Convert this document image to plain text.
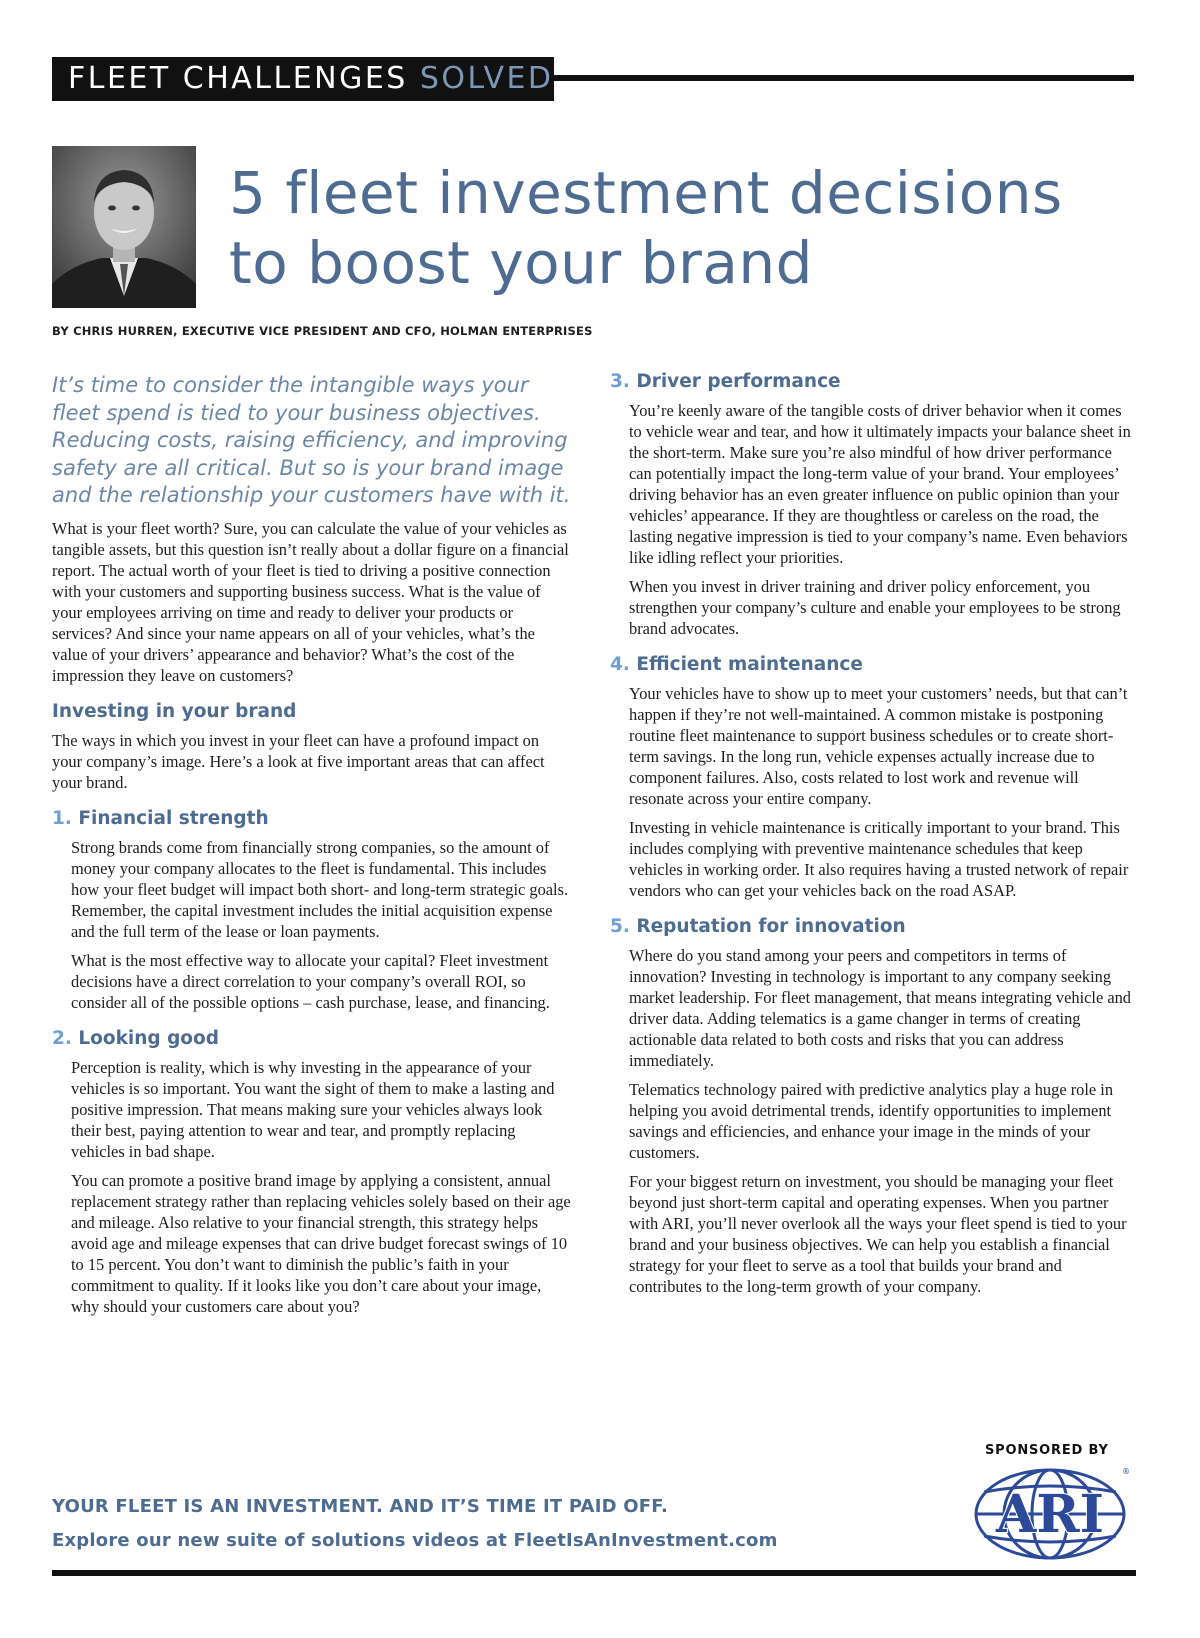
FLEET CHALLENGES SOLVED
5 fleet investment decisions
to boost your brand
BY CHRIS HURREN, EXECUTIVE VICE PRESIDENT AND CFO, HOLMAN ENTERPRISES

It’s time to consider the intangible ways your fleet spend is tied to your business objectives. Reducing costs, raising efficiency, and improving safety are all critical. But so is your brand image and the relationship your customers have with it.

What is your fleet worth? Sure, you can calculate the value of your vehicles as tangible assets, but this question isn’t really about a dollar figure on a financial report. The actual worth of your fleet is tied to driving a positive connection with your customers and supporting business success. What is the value of your employees arriving on time and ready to deliver your products or services? And since your name appears on all of your vehicles, what’s the value of your drivers’ appearance and behavior? What’s the cost of the impression they leave on customers?

Investing in your brand

The ways in which you invest in your fleet can have a profound impact on your company’s image. Here’s a look at five important areas that can affect your brand.

1. Financial strength

Strong brands come from financially strong companies, so the amount of money your company allocates to the fleet is fundamental. This includes how your fleet budget will impact both short- and long-term strategic goals. Remember, the capital investment includes the initial acquisition expense and the full term of the lease or loan payments.

What is the most effective way to allocate your capital? Fleet investment decisions have a direct correlation to your company’s overall ROI, so consider all of the possible options – cash purchase, lease, and financing.

2. Looking good

Perception is reality, which is why investing in the appearance of your vehicles is so important. You want the sight of them to make a lasting and positive impression. That means making sure your vehicles always look their best, paying attention to wear and tear, and promptly replacing vehicles in bad shape.

You can promote a positive brand image by applying a consistent, annual replacement strategy rather than replacing vehicles solely based on their age and mileage. Also relative to your financial strength, this strategy helps avoid age and mileage expenses that can drive budget forecast swings of 10 to 15 percent. You don’t want to diminish the public’s faith in your commitment to quality. If it looks like you don’t care about your image, why should your customers care about you?

3. Driver performance

You’re keenly aware of the tangible costs of driver behavior when it comes to vehicle wear and tear, and how it ultimately impacts your balance sheet in the short-term. Make sure you’re also mindful of how driver performance can potentially impact the long-term value of your brand. Your employees’ driving behavior has an even greater influence on public opinion than your vehicles’ appearance. If they are thoughtless or careless on the road, the lasting negative impression is tied to your company’s name. Even behaviors like idling reflect your priorities.

When you invest in driver training and driver policy enforcement, you strengthen your company’s culture and enable your employees to be strong brand advocates.

4. Efficient maintenance

Your vehicles have to show up to meet your customers’ needs, but that can’t happen if they’re not well-maintained. A common mistake is postponing routine fleet maintenance to support business schedules or to create short-term savings. In the long run, vehicle expenses actually increase due to component failures. Also, costs related to lost work and revenue will resonate across your entire company.

Investing in vehicle maintenance is critically important to your brand. This includes complying with preventive maintenance schedules that keep vehicles in working order. It also requires having a trusted network of repair vendors who can get your vehicles back on the road ASAP.

5. Reputation for innovation

Where do you stand among your peers and competitors in terms of innovation? Investing in technology is important to any company seeking market leadership. For fleet management, that means integrating vehicle and driver data. Adding telematics is a game changer in terms of creating actionable data related to both costs and risks that you can address immediately.

Telematics technology paired with predictive analytics play a huge role in helping you avoid detrimental trends, identify opportunities to implement savings and efficiencies, and enhance your image in the minds of your customers.

For your biggest return on investment, you should be managing your fleet beyond just short-term capital and operating expenses. When you partner with ARI, you’ll never overlook all the ways your fleet spend is tied to your brand and your business objectives. We can help you establish a financial strategy for your fleet to serve as a tool that builds your brand and contributes to the long-term growth of your company.

SPONSORED BY
ARI
®
YOUR FLEET IS AN INVESTMENT. AND IT’S TIME IT PAID OFF.
Explore our new suite of solutions videos at FleetIsAnInvestment.com
